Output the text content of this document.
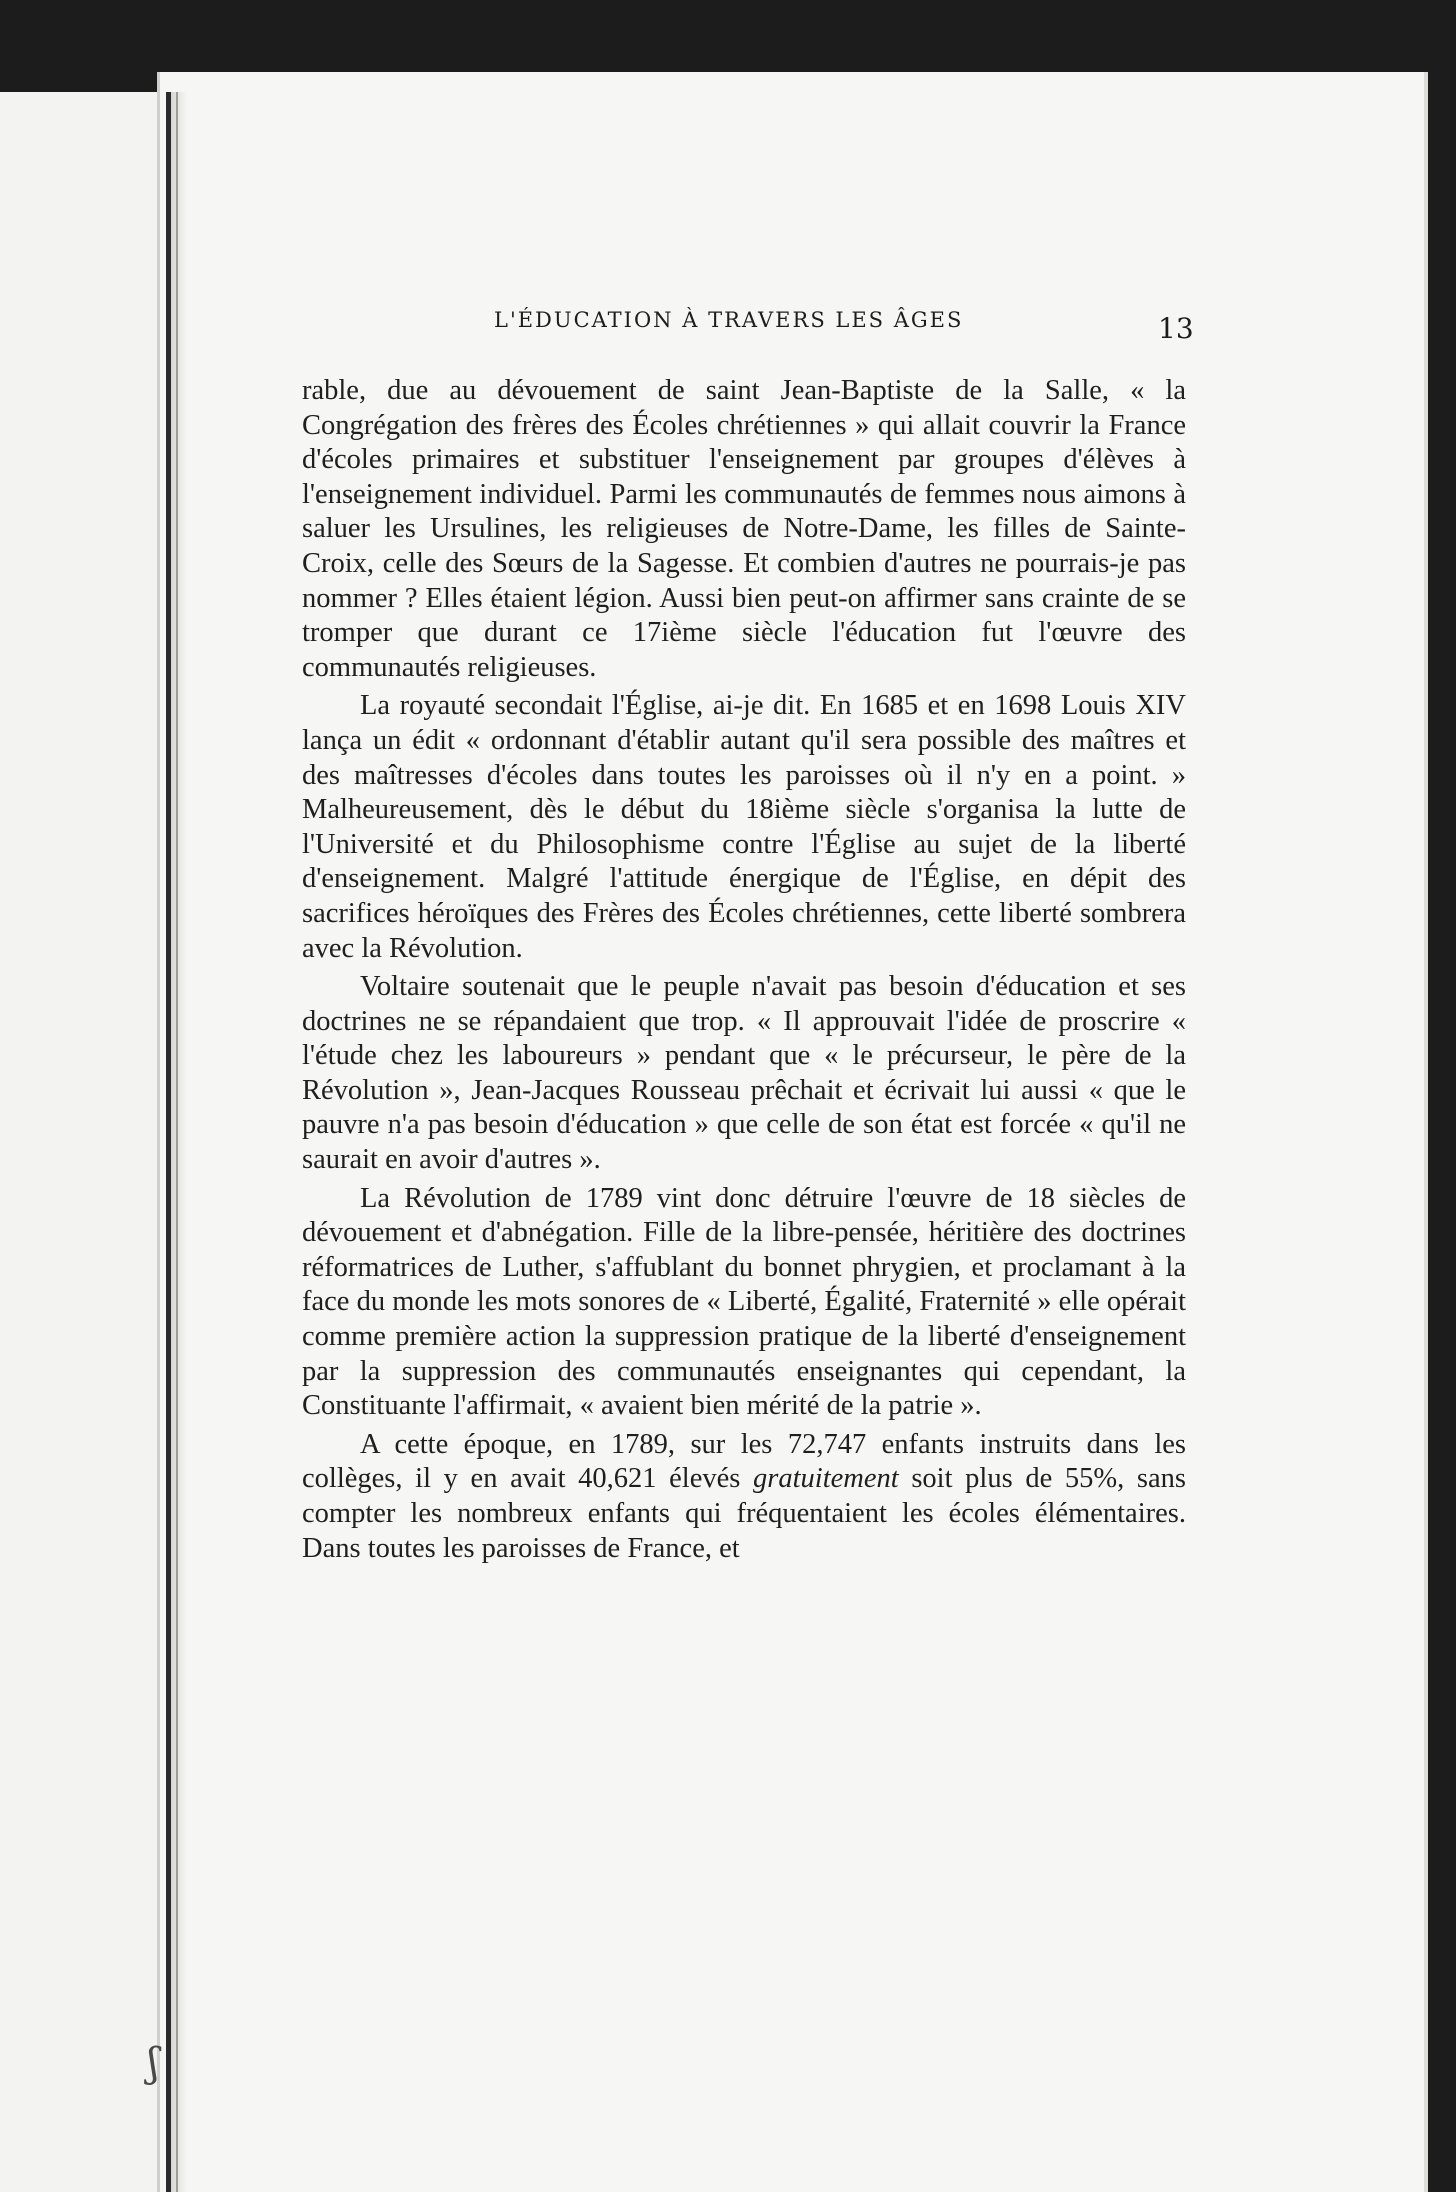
L'ÉDUCATION À TRAVERS LES ÂGES	13

rable, due au dévouement de saint Jean-Baptiste de la Salle, « la Congrégation des frères des Écoles chrétiennes » qui allait couvrir la France d'écoles primaires et substituer l'enseignement par groupes d'élèves à l'enseignement individuel. Parmi les communautés de femmes nous aimons à saluer les Ursulines, les religieuses de Notre-Dame, les filles de Sainte-Croix, celle des Sœurs de la Sagesse. Et combien d'autres ne pourrais-je pas nommer ? Elles étaient légion. Aussi bien peut-on affirmer sans crainte de se tromper que durant ce 17ième siècle l'éducation fut l'œuvre des communautés religieuses.

La royauté secondait l'Église, ai-je dit. En 1685 et en 1698 Louis XIV lança un édit « ordonnant d'établir autant qu'il sera possible des maîtres et des maîtresses d'écoles dans toutes les paroisses où il n'y en a point. » Malheureusement, dès le début du 18ième siècle s'organisa la lutte de l'Université et du Philosophisme contre l'Église au sujet de la liberté d'enseignement. Malgré l'attitude énergique de l'Église, en dépit des sacrifices héroïques des Frères des Écoles chrétiennes, cette liberté sombrera avec la Révolution.

Voltaire soutenait que le peuple n'avait pas besoin d'éducation et ses doctrines ne se répandaient que trop. « Il approuvait l'idée de proscrire « l'étude chez les laboureurs » pendant que « le précurseur, le père de la Révolution », Jean-Jacques Rousseau prêchait et écrivait lui aussi « que le pauvre n'a pas besoin d'éducation » que celle de son état est forcée « qu'il ne saurait en avoir d'autres ».

La Révolution de 1789 vint donc détruire l'œuvre de 18 siècles de dévouement et d'abnégation. Fille de la libre-pensée, héritière des doctrines réformatrices de Luther, s'affublant du bonnet phrygien, et proclamant à la face du monde les mots sonores de « Liberté, Égalité, Fraternité » elle opérait comme première action la suppression pratique de la liberté d'enseignement par la suppression des communautés enseignantes qui cependant, la Constituante l'affirmait, « avaient bien mérité de la patrie ».

A cette époque, en 1789, sur les 72,747 enfants instruits dans les collèges, il y en avait 40,621 élevés gratuitement soit plus de 55%, sans compter les nombreux enfants qui fréquentaient les écoles élémentaires. Dans toutes les paroisses de France, et

ʃ
